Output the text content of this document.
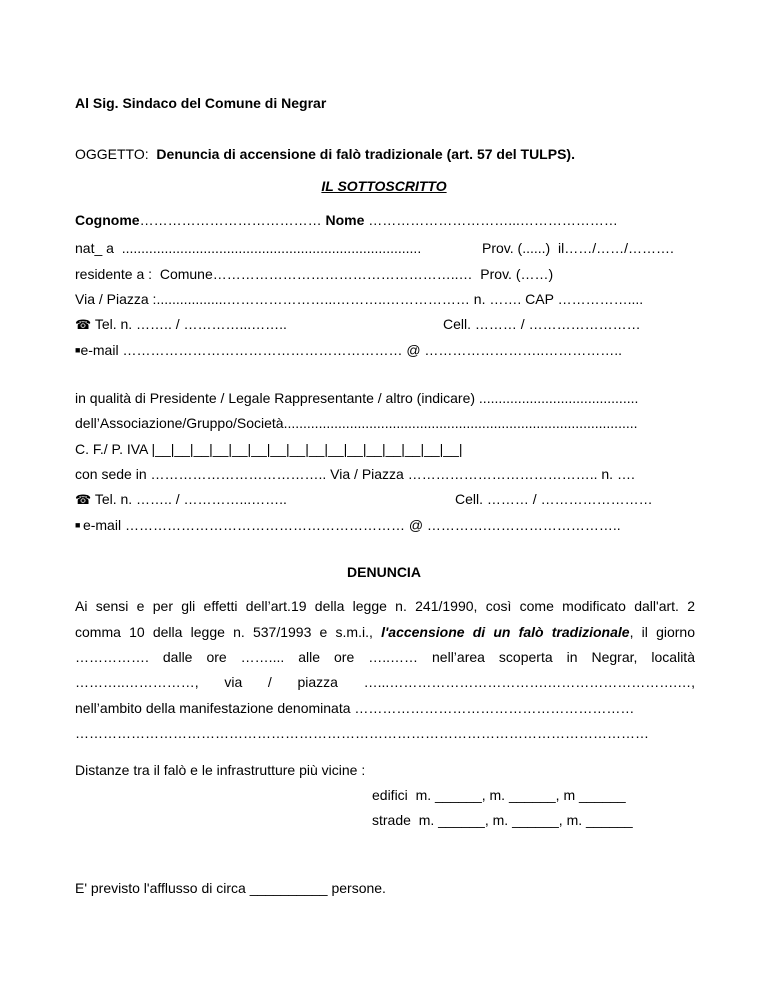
Al Sig. Sindaco del Comune di Negrar
OGGETTO:  Denuncia di accensione di falò tradizionale (art. 57 del TULPS).
IL SOTTOSCRITTO
Cognome………………………………… Nome …………………………...…………………
nat_ a  .............................................................................	Prov. (......)  il……/……/……….
residente a :  Comune……………………………………………..…  Prov. (……)
Via / Piazza :..................…………………...………..……………… n. ……. CAP ……………....
☎ Tel. n. …….. / …………...……..	Cell. ……… / ……………………
■e-mail …………………………………………………… @ ……………………..……………..
in qualità di Presidente / Legale Rappresentante / altro (indicare) .........................................
dell’Associazione/Gruppo/Società...........................................................................................
C. F./ P. IVA |__|__|__|__|__|__|__|__|__|__|__|__|__|__|__|__|
con sede in ……………………………….. Via / Piazza ………………………………….. n. ….
☎ Tel. n. …….. / …………...……..	Cell. ……… / ……………………
■ e-mail …………………………………………………… @ ………….………………………..
DENUNCIA
Ai sensi e per gli effetti dell’art.19 della legge n. 241/1990, così come modificato dall'art. 2
comma 10 della legge n. 537/1993 e s.m.i., l'accensione di un falò tradizionale, il giorno
……………. dalle ore …….... alle ore …..…… nell’area scoperta in Negrar, località
………..……………, via / piazza …...…………………………….……………………….…,
nell’ambito della manifestazione denominata ……………………………………………………
……………………………………………………………………………………………………………
Distanze tra il falò e le infrastrutture più vicine :
edifici  m. ______, m. ______, m ______
strade  m. ______, m. ______, m. ______
E' previsto l'afflusso di circa __________ persone.
